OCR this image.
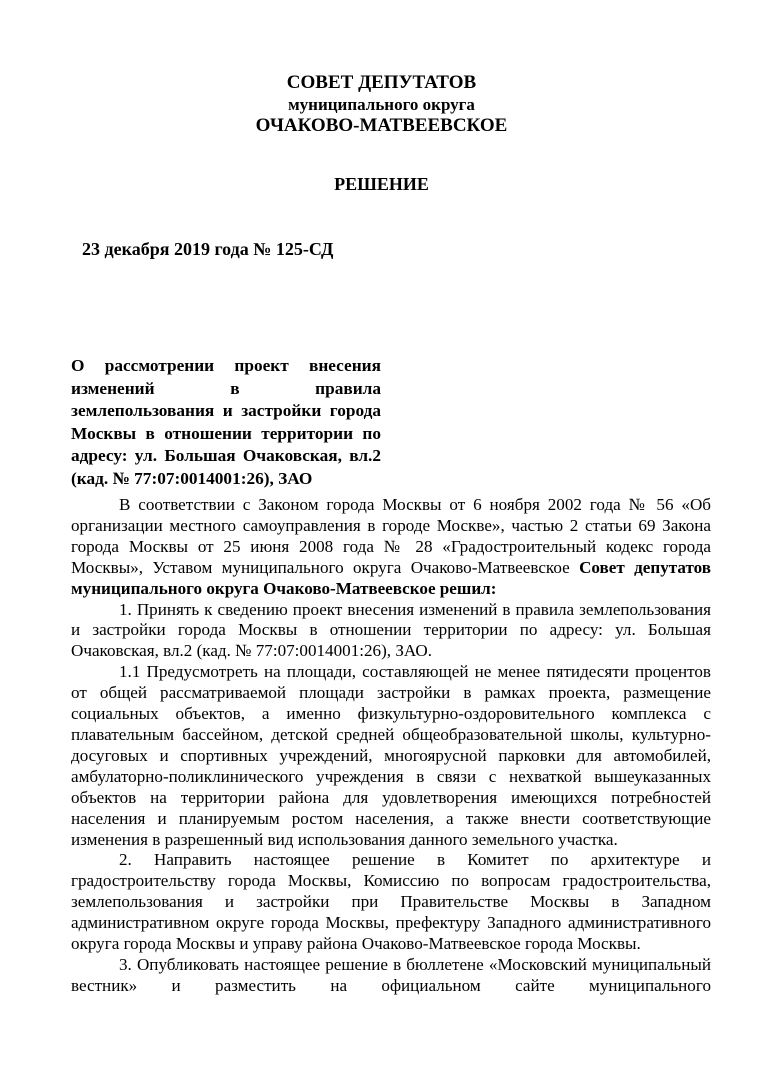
СОВЕТ ДЕПУТАТОВ
муниципального округа
ОЧАКОВО-МАТВЕЕВСКОЕ
РЕШЕНИЕ
23 декабря 2019 года № 125-СД
О рассмотрении проект внесения изменений в правила землепользования и застройки города Москвы в отношении территории по адресу: ул. Большая Очаковская, вл.2 (кад. № 77:07:0014001:26), ЗАО

В соответствии с Законом города Москвы от 6 ноября 2002 года № 56 «Об организации местного самоуправления в городе Москве», частью 2 статьи 69 Закона города Москвы от 25 июня 2008 года № 28 «Градостроительный кодекс города Москвы», Уставом муниципального округа Очаково-Матвеевское Совет депутатов муниципального округа Очаково-Матвеевское решил:

1. Принять к сведению проект внесения изменений в правила землепользования и застройки города Москвы в отношении территории по адресу: ул. Большая Очаковская, вл.2 (кад. № 77:07:0014001:26), ЗАО.

1.1 Предусмотреть на площади, составляющей не менее пятидесяти процентов от общей рассматриваемой площади застройки в рамках проекта, размещение социальных объектов, а именно физкультурно-оздоровительного комплекса с плавательным бассейном, детской средней общеобразовательной школы, культурно-досуговых и спортивных учреждений, многоярусной парковки для автомобилей, амбулаторно-поликлинического учреждения в связи с нехваткой вышеуказанных объектов на территории района для удовлетворения имеющихся потребностей населения и планируемым ростом населения, а также внести соответствующие изменения в разрешенный вид использования данного земельного участка.

2. Направить настоящее решение в Комитет по архитектуре и градостроительству города Москвы, Комиссию по вопросам градостроительства, землепользования и застройки при Правительстве Москвы в Западном административном округе города Москвы, префектуру Западного административного округа города Москвы и управу района Очаково-Матвеевское города Москвы.

3. Опубликовать настоящее решение в бюллетене «Московский муниципальный вестник» и разместить на официальном сайте муниципального
